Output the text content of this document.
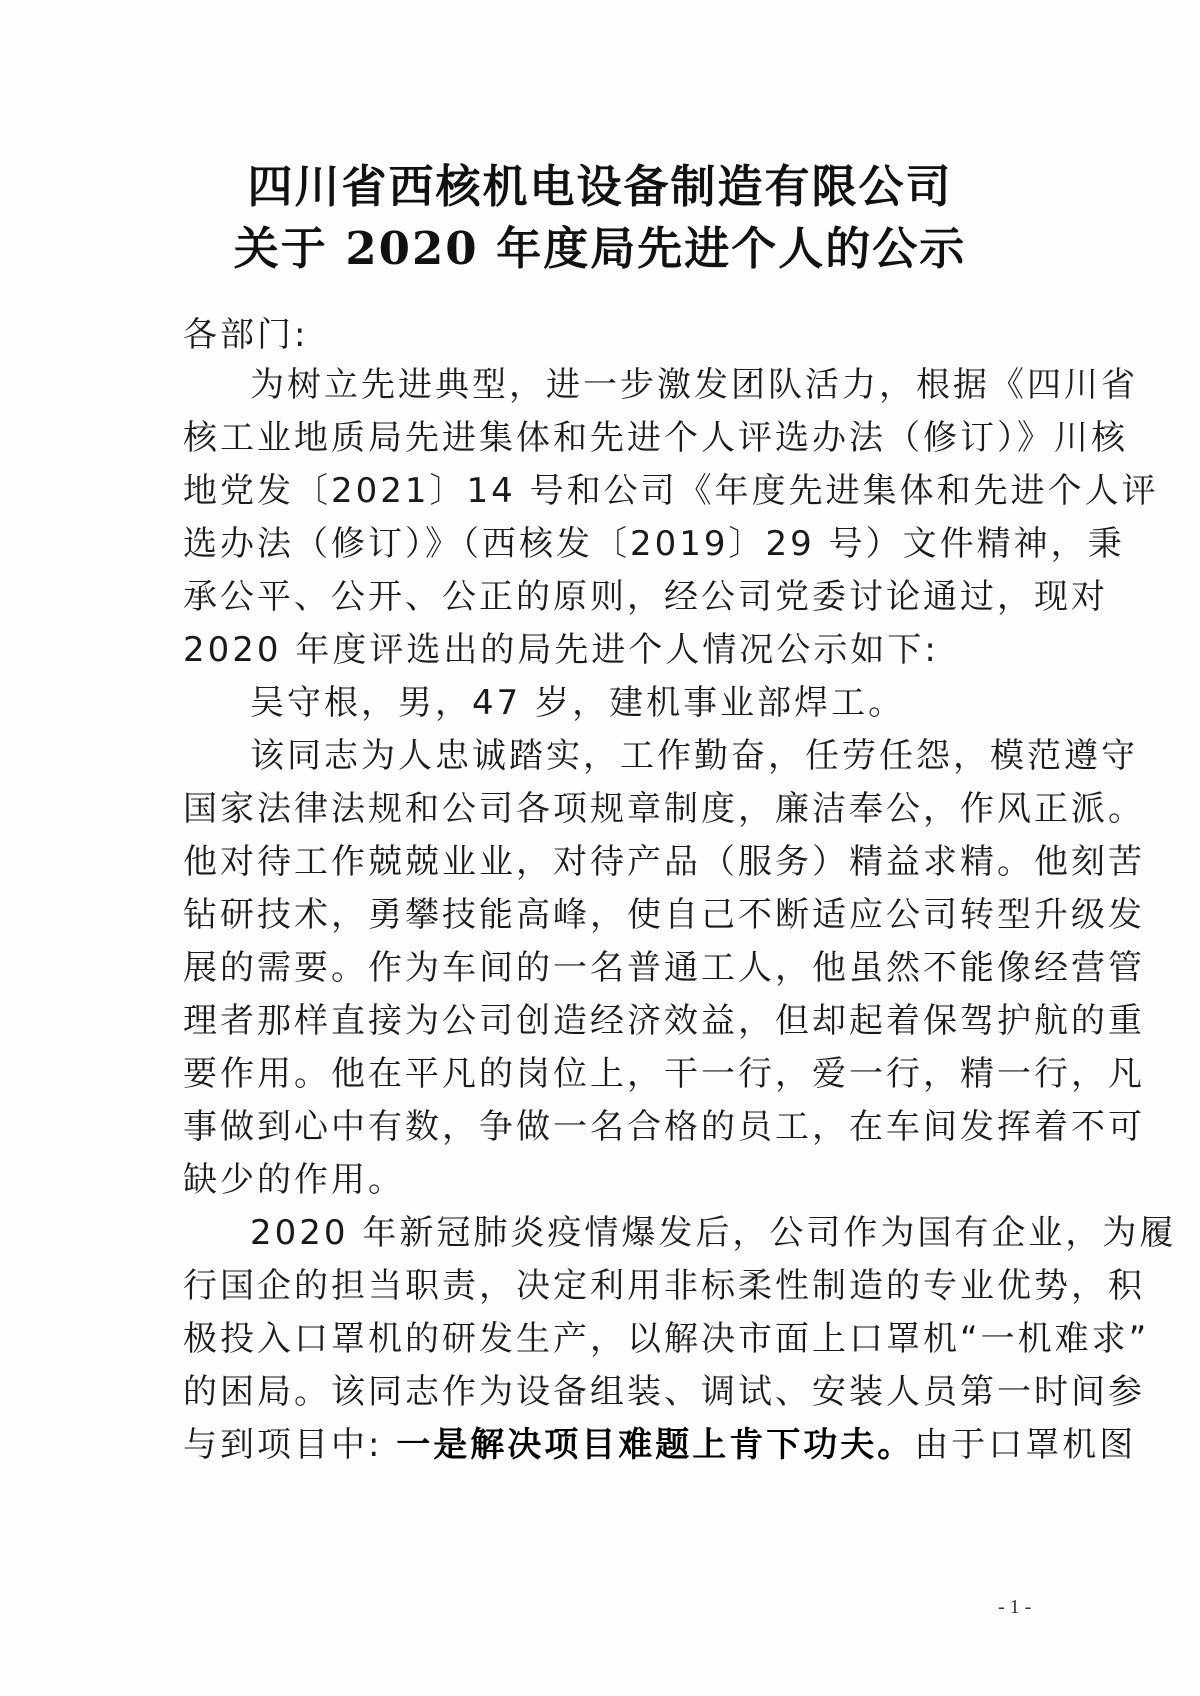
四川省西核机电设备制造有限公司
关于 2020 年度局先进个人的公示
各部门:
为树立先进典型，进一步激发团队活力，根据《四川省
核工业地质局先进集体和先进个人评选办法（修订）》川核
地党发〔2021〕14 号和公司《年度先进集体和先进个人评
选办法（修订）》（西核发〔2019〕29 号）文件精神，秉
承公平、公开、公正的原则，经公司党委讨论通过，现对
2020 年度评选出的局先进个人情况公示如下:
吴守根，男，47 岁，建机事业部焊工。
该同志为人忠诚踏实，工作勤奋，任劳任怨，模范遵守
国家法律法规和公司各项规章制度，廉洁奉公，作风正派。
他对待工作兢兢业业，对待产品（服务）精益求精。他刻苦
钻研技术，勇攀技能高峰，使自己不断适应公司转型升级发
展的需要。作为车间的一名普通工人，他虽然不能像经营管
理者那样直接为公司创造经济效益，但却起着保驾护航的重
要作用。他在平凡的岗位上，干一行，爱一行，精一行，凡
事做到心中有数，争做一名合格的员工，在车间发挥着不可
缺少的作用。
2020 年新冠肺炎疫情爆发后，公司作为国有企业，为履
行国企的担当职责，决定利用非标柔性制造的专业优势，积
极投入口罩机的研发生产，以解决市面上口罩机“一机难求”
的困局。该同志作为设备组装、调试、安装人员第一时间参
与到项目中: 一是解决项目难题上肯下功夫。由于口罩机图
- 1 -
